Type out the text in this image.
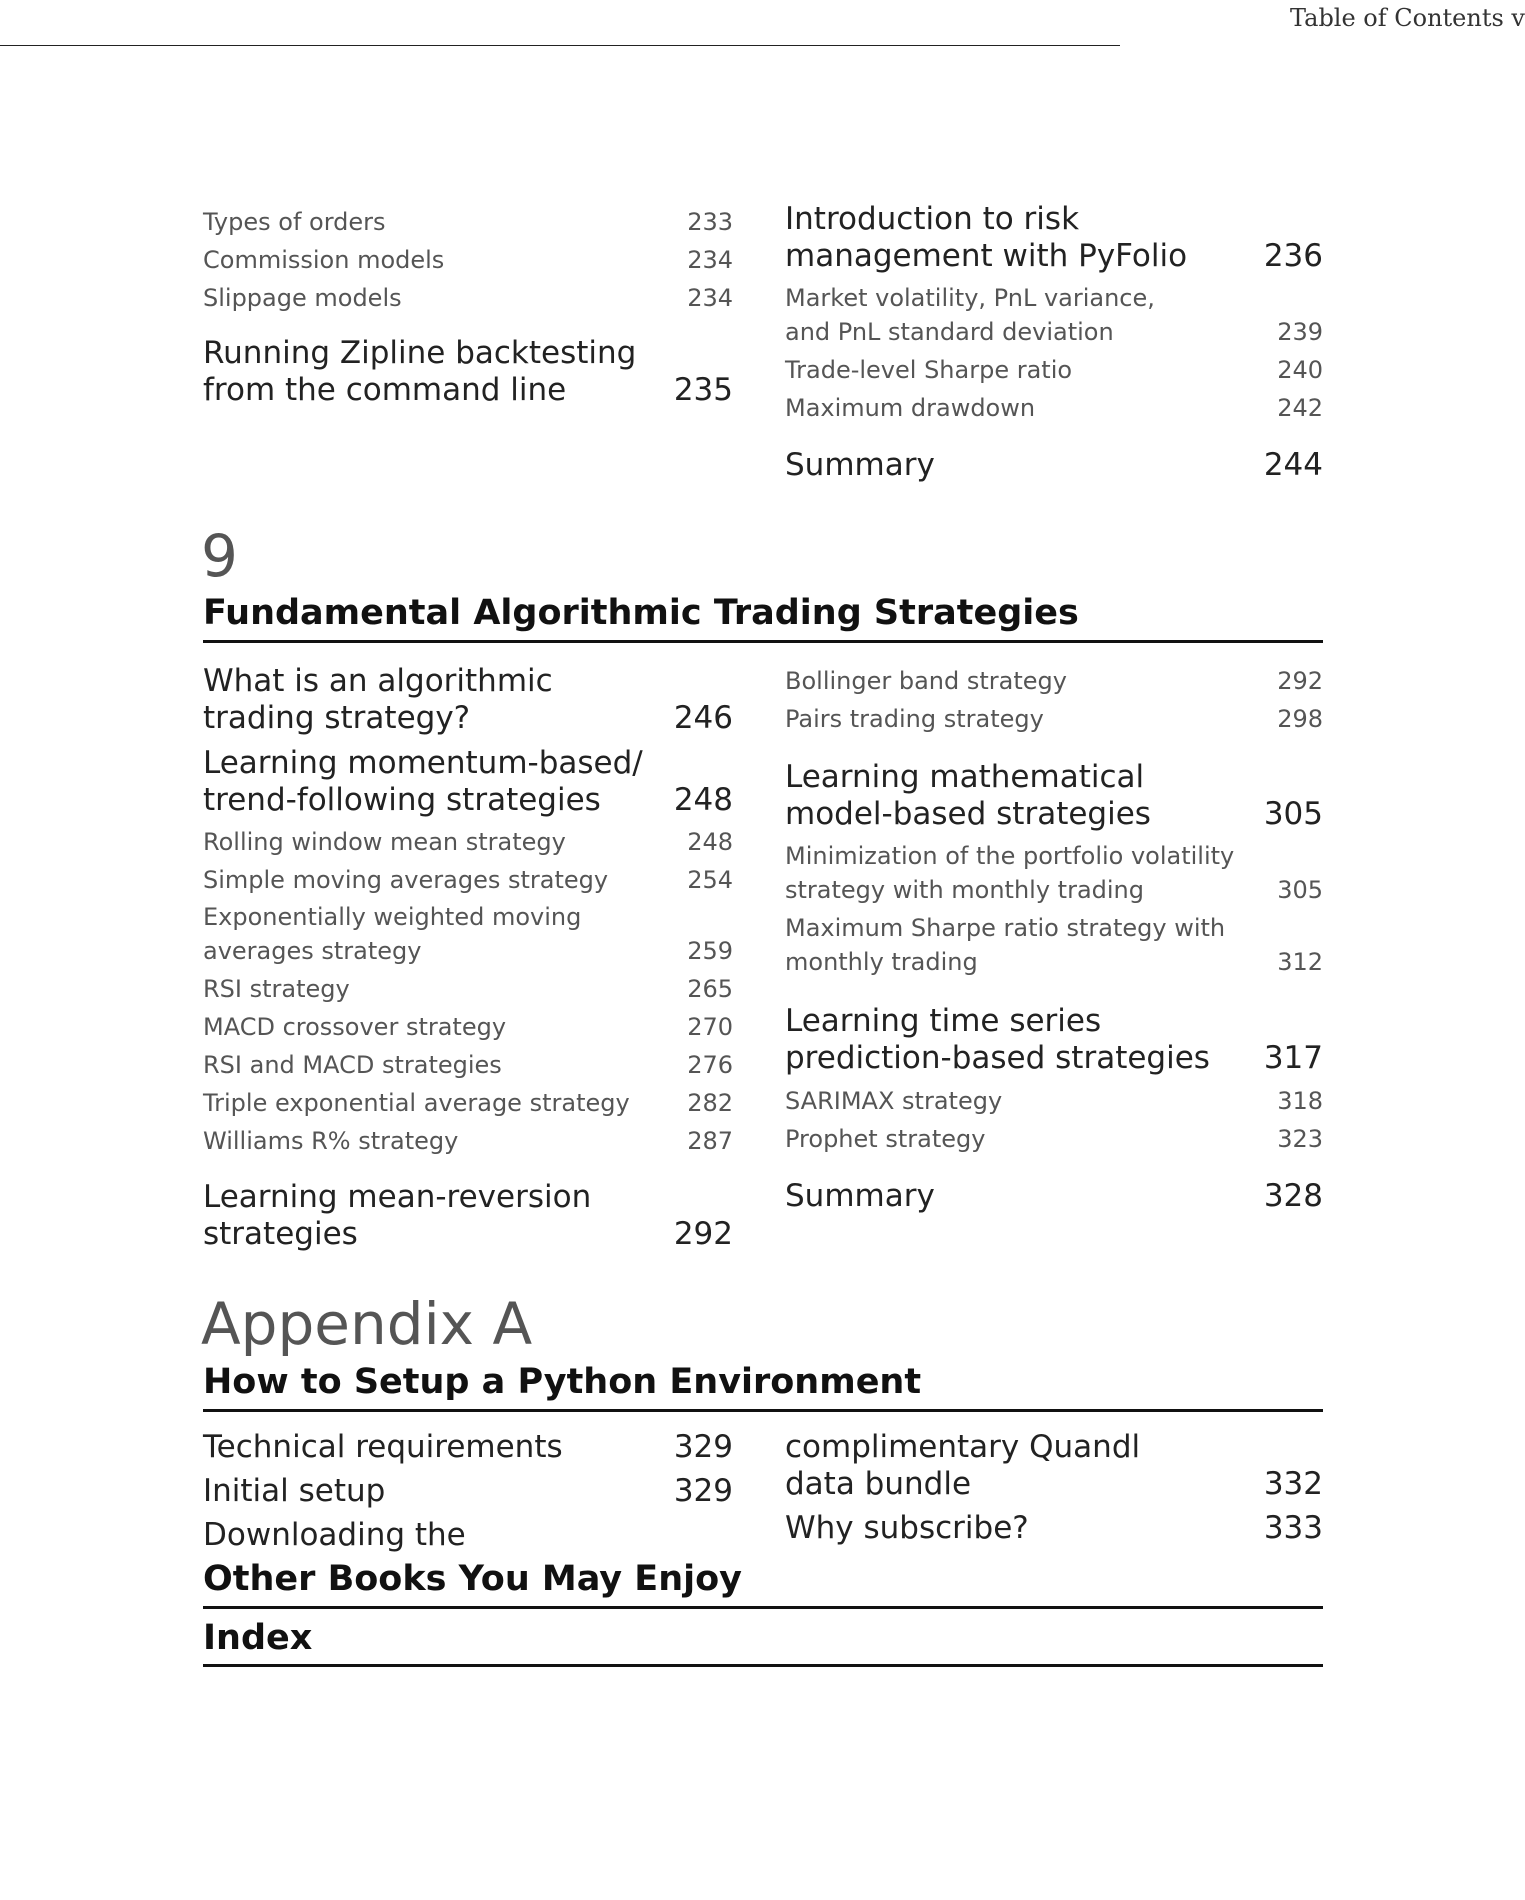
Table of Contents v
Types of orders	233
Commission models	234
Slippage models	234
Running Zipline backtesting
from the command line	235
Introduction to risk
management with PyFolio 236
Market volatility, PnL variance,
and PnL standard deviation	239
Trade-level Sharpe ratio	240
Maximum drawdown	242
Summary	244
9
Fundamental Algorithmic Trading Strategies
What is an algorithmic
trading strategy?	246
Learning momentum-based/
trend-following strategies 248
Rolling window mean strategy	248
Simple moving averages strategy	254
Exponentially weighted moving
averages strategy	259
RSI strategy	265
MACD crossover strategy	270
RSI and MACD strategies	276
Triple exponential average strategy 282
Williams R% strategy	287
Learning mean-reversion
strategies	292
Bollinger band strategy	292
Pairs trading strategy	298
Learning mathematical
model-based strategies	305
Minimization of the portfolio volatility
strategy with monthly trading	305
Maximum Sharpe ratio strategy with
monthly trading	312
Learning time series
prediction-based strategies 317
SARIMAX strategy	318
Prophet strategy	323
Summary	328
Appendix A
How to Setup a Python Environment
Technical requirements	329
Initial setup	329
Downloading the
complimentary Quandl
data bundle	332
Why subscribe?	333
Other Books You May Enjoy
Index
